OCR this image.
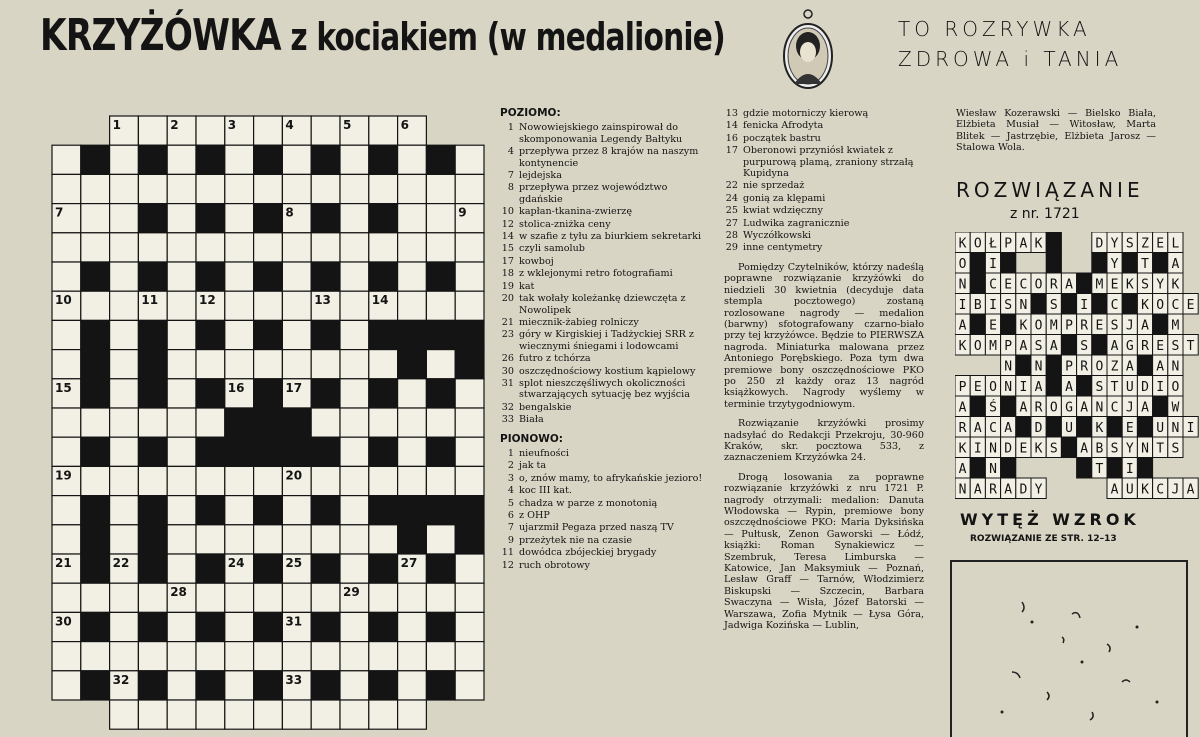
KRZYŻÓWKA z kociakiem (w medalionie)	TO ROZRYWKA
ZDROWA i TANIA
1	2	3	4	5	6
7	8	9
10	11	12	13	14
15	16	17
18
19	20
21	22	23 24	25	26 27
28	29
30	31
32	33
POZIOMO:
1 Nowowiejskiego zainspirował do skomponowania Legendy Bałtyku
4 przepływa przez 8 krajów na naszym kontynencie
7 lejdejska
8 przepływa przez województwo gdańskie
10 kapłan-tkanina-zwierzę
12 stolica-zniżka ceny
14 w szafie z tyłu za biurkiem sekretarki
15 czyli samolub
17 kowboj
18 z wklejonymi retro fotografiami
19 kat
20 tak wołały koleżankę dziewczęta z Nowolipek
21 miecznik-żabieg rolniczy
23 góry w Kirgiskiej i Tadżyckiej SRR z wiecznymi śniegami i lodowcami
26 futro z tchórza
30 oszczędnościowy kostium kąpielowy
31 splot nieszczęśliwych okoliczności stwarzających sytuację bez wyjścia
32 bengalskie
33 Biała
PIONOWO:
1 nieufności
2 jak ta
3 o, znów mamy, to afrykańskie jezioro!
4 koc III kat.
5 chadza w parze z monotonią
6 z OHP
7 ujarzmił Pegaza przed naszą TV
9 przeżytek nie na czasie
11 dowódca zbójeckiej brygady
12 ruch obrotowy
13 gdzie motorniczy kierową
14 fenicka Afrodyta
16 początek bastru
17 Oberonowi przyniósł kwiatek z purpurową plamą, zraniony strzałą Kupidyna
22 nie sprzedaż
24 gonią za klępami
25 kwiat wdzięczny
27 Ludwika zagranicznie
28 Wyczółkowski
29 inne centymetry
Pomiędzy Czytelników, którzy nadeślą poprawne rozwiązanie krzyżówki do niedzieli 30 kwietnia (decyduje data stempla pocztowego) zostaną rozlosowane nagrody — medalion (barwny) sfotografowany czarno-biało przy tej krzyżówce. Będzie to PIERWSZA nagroda. Miniaturka malowana przez Antoniego Porębskiego. Poza tym dwa premiowe bony oszczędnościowe PKO po 250 zł każdy oraz 13 nagród książkowych. Nagrody wyślemy w terminie trzytygodniowym.
Rozwiązanie krzyżówki prosimy nadsyłać do Redakcji Przekroju, 30-960 Kraków, skr. pocztowa 533, z zaznaczeniem Krzyżówka 24.
Drogą losowania za poprawne rozwiązanie krzyżówki z nru 1721 P. nagrody otrzymali: medalion: Danuta Włodowska — Rypin, premiowe bony oszczędnościowe PKO: Maria Dyksińska — Pułtusk, Zenon Gaworski — Łódź, książki: Roman Synakiewicz — Szembruk, Teresa Limburska — Katowice, Jan Maksymiuk — Poznań, Lesław Graff — Tarnów, Włodzimierz Biskupski — Szczecin, Barbara Swaczyna — Wisła, Józef Batorski — Warszawa, Zofia Mytnik — Łysa Góra, Jadwiga Kozińska — Lublin,
Wiesław Kozerawski — Bielsko Biała, Elżbieta Musiał — Witosław, Marta Blitek — Jastrzębie, Elżbieta Jarosz — Stalowa Wola.
ROZWIĄZANIE
z nr. 1721
K O Ł P A K	D Y S Z E L
O I	Y T A
N C E C O R A M E K S Y K
I B I S N S I C K O C E
A E K O M P R E S J A M
K O M P A S A S A G R E S T
N N P R O Z A A N
P E O N I A A S T U D I O
A Ś A R O G A N C J A W
R A C A D U K E U N I
K I N D E K S A B S Y N T S
A N	T I
N A R A D Y	A U K C J A
WYTĘŻ WZROK
ROZWIĄZANIE ZE STR. 12–13
